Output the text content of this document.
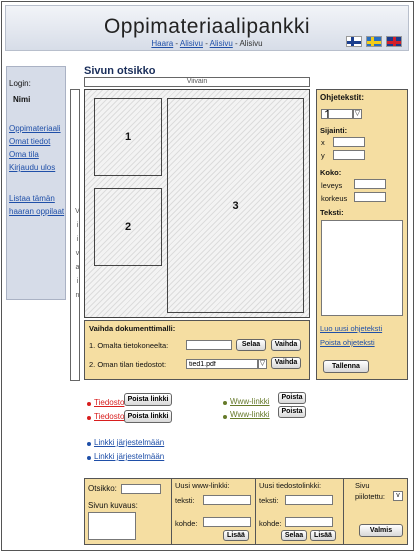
Oppimateriaalipankki
Haara - Alisivu - Alisivu - Alisivu
Login:
Nimi
Oppimateriaali
Omat tiedot
Oma tila
Kirjaudu ulos
Listaa tämän haaran oppilaat
Sivun otsikko
Viivain
V i i v a i n
1
2
3
Vaihda dokumenttimalli:
1. Omalta tietokoneelta:	Selaa	Vaihda
2. Oman tilan tiedostot:
tied1.pdf	▽	Vaihda
Ohjetekstit:
1
▽
Sijainti:
x
y
Koko:
leveys
korkeus
Teksti:
Luo uusi ohjeteksti
Poista ohjeteksti
Tallenna
Tiedosto Poista linkki
Tiedosto Poista linkki
Www-linkki	Poista
Www-linkki	Poista
Linkki järjestelmään
Linkki järjestelmään
Otsikko:
Sivun kuvaus:
Uusi www-linkki:
teksti:
kohde:
Lisää
Uusi tiedostolinkki:
teksti:
kohde:
Selaa	Lisää
Sivu
piilotettu:	v
Valmis
